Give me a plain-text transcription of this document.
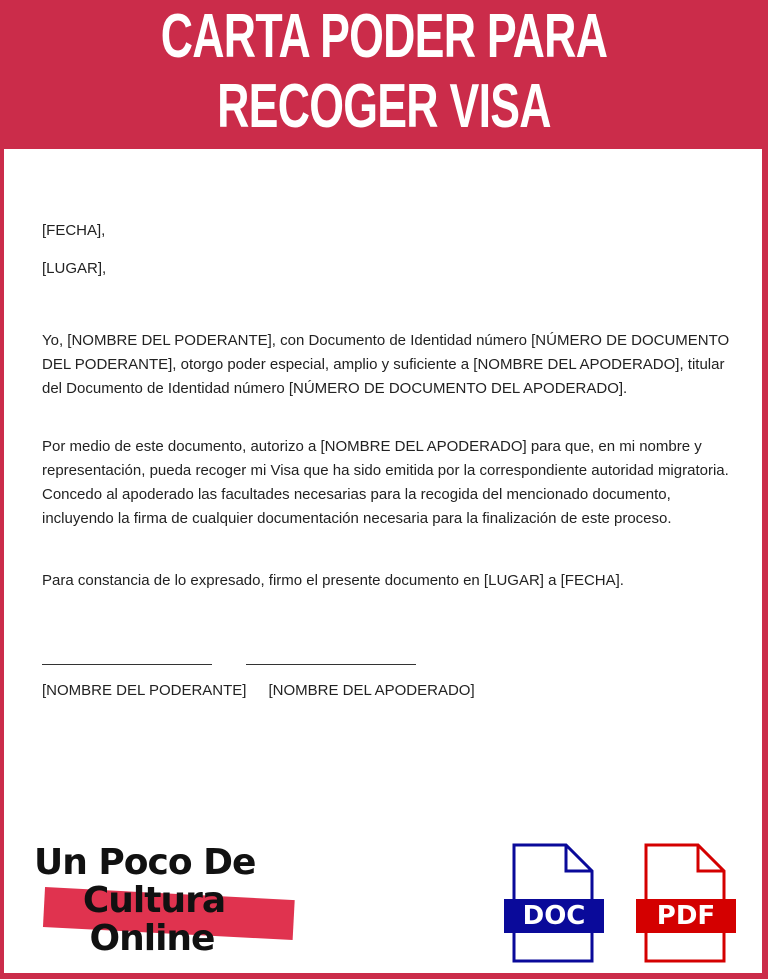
CARTA PODER PARA
RECOGER VISA
[FECHA],
[LUGAR],
Yo, [NOMBRE DEL PODERANTE], con Documento de Identidad número [NÚMERO DE DOCUMENTO DEL PODERANTE], otorgo poder especial, amplio y suficiente a [NOMBRE DEL APODERADO], titular del Documento de Identidad número [NÚMERO DE DOCUMENTO DEL APODERADO].
Por medio de este documento, autorizo a [NOMBRE DEL APODERADO] para que, en mi nombre y representación, pueda recoger mi Visa que ha sido emitida por la correspondiente autoridad migratoria. Concedo al apoderado las facultades necesarias para la recogida del mencionado documento, incluyendo la firma de cualquier documentación necesaria para la finalización de este proceso.
Para constancia de lo expresado, firmo el presente documento en [LUGAR] a [FECHA].
[NOMBRE DEL PODERANTE] [NOMBRE DEL APODERADO]
Un Poco De
Cultura
Online
DOC	PDF
